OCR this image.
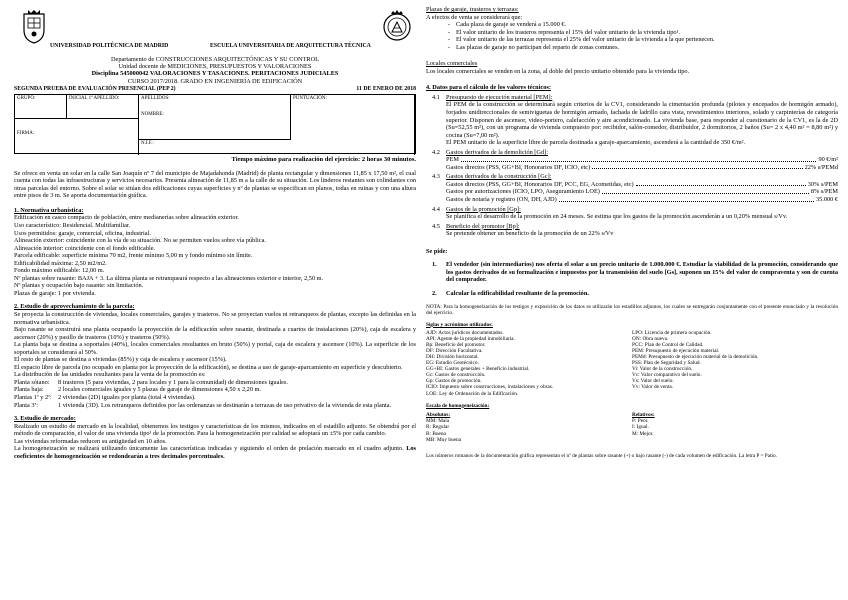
UNIVERSIDAD POLITÉCNICA DE MADRID	ESCUELA UNIVERSITARIA DE ARQUITECTURA TÉCNICA

Departamento de CONSTRUCCIONES ARQUITECTÓNICAS Y SU CONTROL

Unidad docente de MEDICIONES, PRESUPUESTOS Y VALORACIONES

Disciplina 545000042 VALORACIONES Y TASACIONES. PERITACIONES JUDICIALES

CURSO 2017/2018. GRADO EN INGENIERÍA DE EDIFICACIÓN

SEGUNDA PRUEBA DE EVALUACIÓN PRESENCIAL (PEP 2)	11 DE ENERO DE 2018
GRUPO:	INICIAL 1ª APELLIDO:	APELLIDOS:
NOMBRE:
PUNTUACIÓN:
FIRMA:
N.I.F.:

Tiempo máximo para realización del ejercicio: 2 horas 30 minutos.

Se ofrece en venta un solar en la calle San Joaquín nº 7 del municipio de Majadahonda (Madrid) de planta rectangular y dimensiones 11,85 x 17,50 m², el cual cuenta con todas las infraestructuras y servicios necesarios. Presenta alineación de 11,85 m a la calle de su situación. Los linderos restantes son colindantes con otras parcelas del entorno. Sobre el solar se sitúan dos edificaciones cuyas superficies y nº de plantas se especifican en planos, todas en ruinas y con una altura entre pisos de 3 m. Se aporta documentación gráfica.

1. Normativa urbanística:

Edificación en casco compacto de población, entre medianerías sobre alineación exterior.

Uso característico: Residencial. Multifamiliar.

Usos permitidos: garaje, comercial, oficina, industrial.

Alineación exterior: coincidente con la vía de su situación. No se permiten vuelos sobre vía pública.

Alineación interior: coincidente con el fondo edificable.

Parcela edificable: superficie mínima 70 m2, frente mínimo 5,00 m y fondo mínimo sin límite.

Edificabilidad máxima: 2,50 m2/m2.

Fondo máximo edificable: 12,00 m.

Nº plantas sobre rasante: BAJA + 3. La última planta se retranqueará respecto a las alineaciones exterior e interior, 2,50 m.

Nº plantas y ocupación bajo rasante: sin limitación.

Plazas de garaje: 1 por vivienda.

2. Estudio de aprovechamiento de la parcela:

Se proyecta la construcción de viviendas, locales comerciales, garajes y trasteros. No se proyectan vuelos ni retranqueos de plantas, excepto las definidas en la normativa urbanística.

Bajo rasante se construirá una planta ocupando la proyección de la edificación sobre rasante, destinada a cuartos de instalaciones (20%), caja de escalera y ascensor (20%) y pasillo de trasteros (10%) y trasteros (50%).

La planta baja se destina a soportales (40%), locales comerciales resultantes en bruto (50%) y portal, caja de escalera y ascensor (10%). La superficie de los soportales se considerará al 50%.

El resto de plantas se destina a viviendas (85%) y caja de escalera y ascensor (15%).

El espacio libre de parcela (no ocupado en planta por la proyección de la edificación), se destina a uso de garaje-aparcamiento en superficie y descubierto.

La distribución de las unidades resultantes para la venta de la promoción es:

Planta sótano:	8 trasteros (5 para viviendas, 2 para locales y 1 para la comunidad) de dimensiones iguales.
Planta baja:	2 locales comerciales iguales y 5 plazas de garaje de dimensiones 4,50 x 2,20 m.
Plantas 1ª y 2ª:	2 viviendas (2D) iguales por planta (total 4 viviendas).
Planta 3ª:	1 vivienda (3D). Los retranqueos definidos por las ordenanzas se destinarán a terrazas de uso privativo de la vivienda de esta planta.

3. Estudio de mercado:

Realizado un estudio de mercado en la localidad, obtenemos los testigos y características de los mismos, indicados en el estadillo adjunto. Se obtendrá por el método de comparación, el valor de una vivienda tipo¹ de la promoción. Para la homogeneización por calidad se adoptará un ±5% por cada cambio.

Las viviendas reformadas reducen su antigüedad en 10 años.

La homogeneización se realizará utilizando únicamente las características indicadas y siguiendo el orden de prelación marcado en el cuadro adjunto. Los coeficientes de homogeneización se redondearán a tres decimales porcentuales.

Plazas de garaje, trasteros y terrazas:

A efectos de venta se considerará que:

- Cada plaza de garaje se venderá a 15.000 €.
- El valor unitario de los trasteros representa el 15% del valor unitario de la vivienda tipo¹.
- El valor unitario de las terrazas representa el 25% del valor unitario de la vivienda a la que pertenecen.
- Las plazas de garaje no participan del reparto de zonas comunes.

Locales comerciales

Los locales comerciales se venden en la zona, al doble del precio unitario obtenido para la vivienda tipo.

4. Datos para el cálculo de los valores técnicos:

4.1 Presupuesto de ejecución material [PEM]:

El PEM de la construcción se determinará según criterios de la CV1, considerando la cimentación profunda (pilotes y encepados de hormigón armado), forjados unidireccionales de semiviguetas de hormigón armado, fachada de ladrillo cara vista, revestimientos interiores, solado y carpinterías de categoría superior. Disponen de ascensor, video-portero, calefacción y aire acondicionado. La vivienda base, para responder al cuestionario de la CV1, es la de 2D (Su=52,55 m²), con un programa de vivienda compuesto por: recibidor, salón-comedor, distribuidor, 2 dormitorios, 2 baños (Su= 2 x 4,40 m² = 8,80 m²) y cocina (Su=7,00 m²).

El PEM unitario de la superficie libre de parcela destinada a garaje-aparcamiento, ascenderá a la cantidad de 350 €/m².

4.2 Gastos derivados de la demolición [Gd]:

PEM	90 €/m²
Gastos directos (PSS, GG+BI, Honorarios DF, ICIO, etc)	22% s/PEMd
4.3 Gastos derivados de la construcción [Gc]:

Gastos directos (PSS, GG+BI, Honorarios DF, PCC, EG, Acometidas, etc)	30% s/PEM
Gastos por autorizaciones (ICIO, LPO, Aseguramiento LOE)	8% s/PEM
Gastos de notaría y registro (ON, DH, AJD)	35.000 €
4.4 Gastos de la promoción [Gp]:

Se planifica el desarrollo de la promoción en 24 meses. Se estima que los gastos de la promoción ascenderán a un 0,20% mensual s/Vv.

4.5 Beneficio del promotor [Bp]:

Se pretende obtener un beneficio de la promoción de un 22% s/Vv

Se pide:

1.	El vendedor (sin intermediarios) nos oferta el solar a un precio unitario de 1.000.000 €. Estudiar la viabilidad de la promoción, considerando que los gastos derivados de su formalización e impuestos por la transmisión del suelo [Gs], suponen un 15% del valor de compraventa y son de cuenta del comprador.

2.	Calcular la edificabilidad resultante de la promoción.

NOTA: Para la homogeneización de los testigos y exposición de los datos se utilizarán los estadillos adjuntos, los cuales se entregarán conjuntamente con el presente enunciado y la resolución del ejercicio.

Siglas y acrónimos utilizados:

AJD: Actos jurídicos documentados.

API: Agente de la propiedad inmobiliaria.

Bp: Beneficio del promotor.

DF: Dirección Facultativa.

DH: División horizontal.

EG: Estudio Geotécnico.

GG+BI: Gastos generales + Beneficio industrial.

Gc: Gastos de construcción.

Gp: Gastos de promoción.

ICIO: Impuesto sobre construcciones, instalaciones y obras.

LOE: Ley de Ordenación de la Edificación.

LPO: Licencia de primera ocupación.

ON: Obra nueva.

PCC: Plan de Control de Calidad.

PEM: Presupuesto de ejecución material.

PEMd: Presupuesto de ejecución material de la demolición.

PSS: Plan de Seguridad y Salud.

Vi: Valor de la construcción.

Vc: Valor comparativo del suelo.

Vs: Valor del suelo.

Vv: Valor de venta.

Escala de homogeneización:

Absolutos:

MM: Mala

R: Regular

B: Bueno

MB: Muy buena

Relativos:

P: Peor.

I: Igual.

M: Mejor.

Los números romanos de la documentación gráfica representan el nº de plantas sobre rasante (+) o bajo rasante (-) de cada volumen de edificación. La letra P = Patio.
